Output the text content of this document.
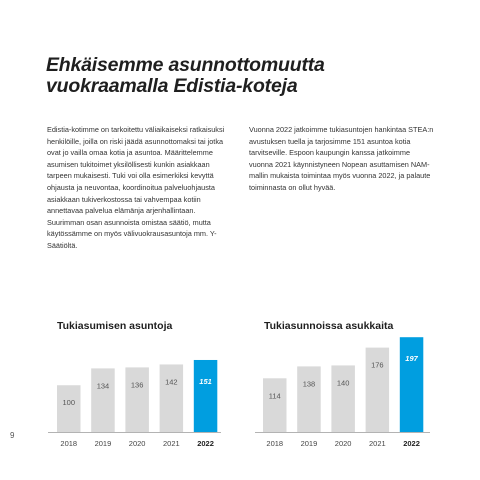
Ehkäisemme asunnottomuutta
vuokraamalla Edistia-koteja

Edistia-kotimme on tarkoitettu väliaikaiseksi ratkaisuksi henkilöille, joilla on riski jäädä asunnottomaksi tai jotka ovat jo vailla omaa kotia ja asuntoa. Määrittelemme asumisen tukitoimet yksilöllisesti kunkin asiakkaan tarpeen mukaisesti. Tuki voi olla esimerkiksi kevyttä ohjausta ja neuvontaa, koordinoitua palveluohjausta asiakkaan tukiverkostossa tai vahvempaa kotiin annettavaa palvelua elämänja arjenhallintaan. Suurimman osan asunnoista omistaa säätiö, mutta käytössämme on myös välivuokrausasuntoja mm. Y-Säätiöltä.

Vuonna 2022 jatkoimme tukiasuntojen hankintaa STEA:n avustuksen tuella ja tarjosimme 151 asuntoa kotia tarvitseville. Espoon kaupungin kanssa jatkoimme vuonna 2021 käynnistyneen Nopean asuttamisen NAM-mallin mukaista toimintaa myös vuonna 2022, ja palaute toiminnasta on ollut hyvää.

Tukiasumisen asuntoja	Tukiasunnoissa asukkaita
100
2018
134
2019
136
2020
142
2021
151
2022
114
2018
138
2019
140
2020
176
2021
197
2022
9
